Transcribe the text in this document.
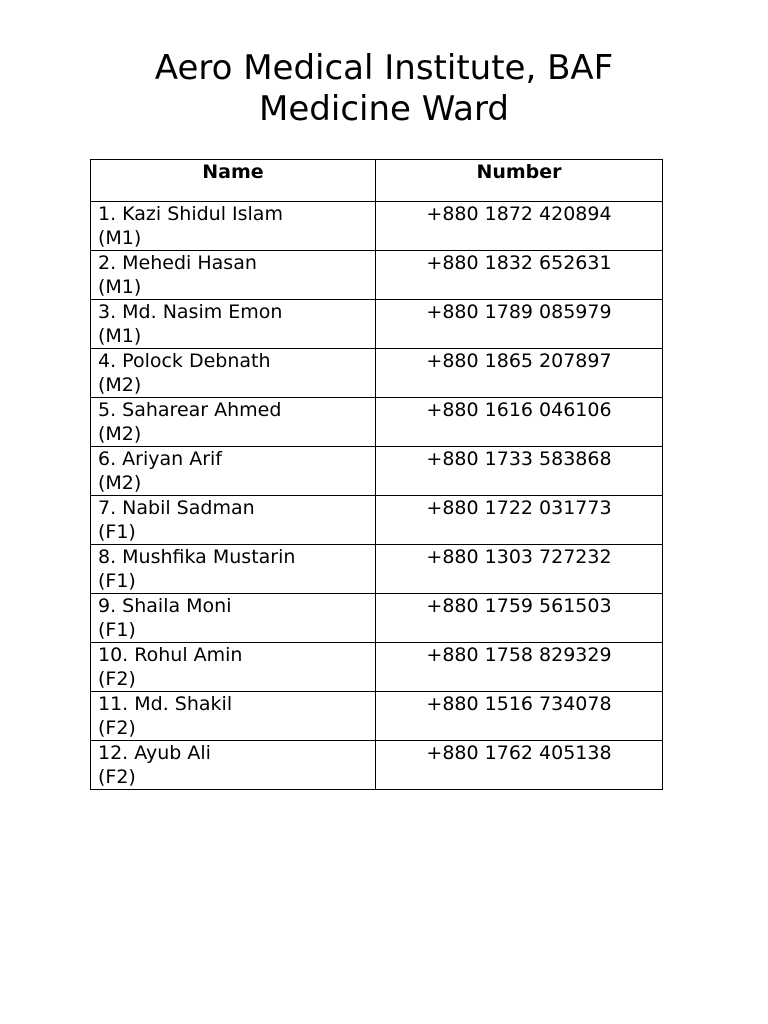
Aero Medical Institute, BAF
Medicine Ward
Name	Number

1. Kazi Shidul Islam
(M1)	+880 1872 420894

2. Mehedi Hasan
(M1)	+880 1832 652631

3. Md. Nasim Emon
(M1)	+880 1789 085979

4. Polock Debnath
(M2)	+880 1865 207897

5. Saharear Ahmed
(M2)	+880 1616 046106

6. Ariyan Arif
(M2)	+880 1733 583868

7. Nabil Sadman
(F1)	+880 1722 031773

8. Mushfika Mustarin
(F1)	+880 1303 727232

9. Shaila Moni
(F1)	+880 1759 561503

10. Rohul Amin
(F2)	+880 1758 829329

11. Md. Shakil
(F2)	+880 1516 734078

12. Ayub Ali
(F2)	+880 1762 405138
